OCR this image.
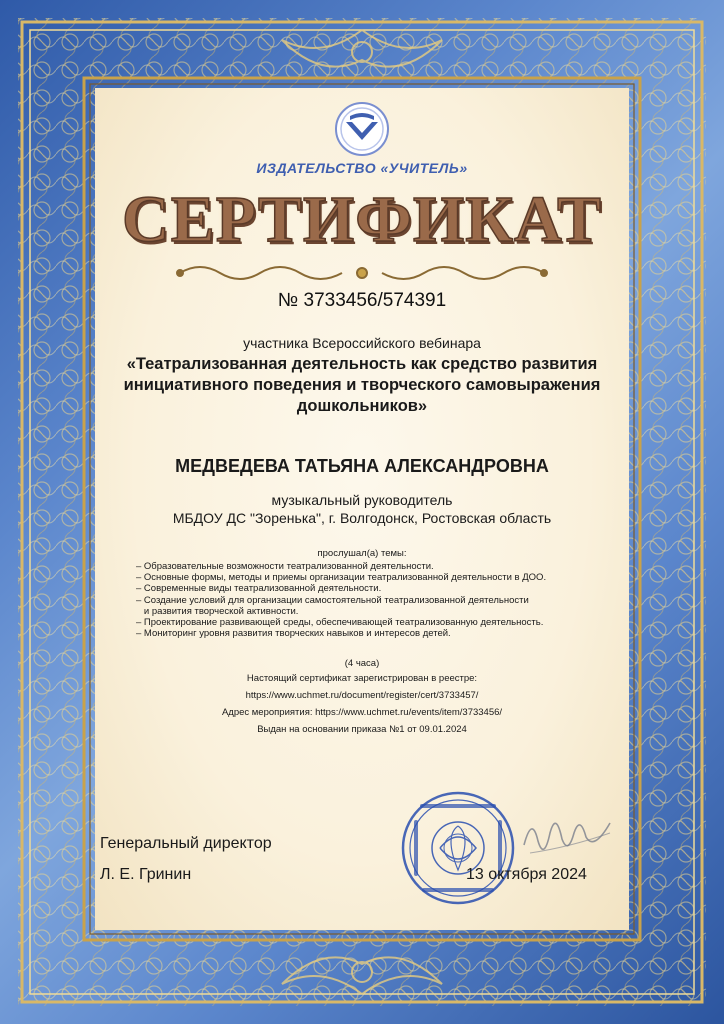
ИЗДАТЕЛЬСТВО «УЧИТЕЛЬ»
СЕРТИФИКАТ
№ 3733456/574391
участника Всероссийского вебинара
«Театрализованная деятельность как средство развития инициативного поведения и творческого самовыражения дошкольников»
МЕДВЕДЕВА ТАТЬЯНА АЛЕКСАНДРОВНА
музыкальный руководитель
МБДОУ ДС "Зоренька", г. Волгодонск, Ростовская область
прослушал(а) темы:
– Образовательные возможности театрализованной деятельности.
– Основные формы, методы и приемы организации театрализованной деятельности в ДОО.
– Современные виды театрализованной деятельности.
– Создание условий для организации самостоятельной театрализованной деятельности
и развития творческой активности.
– Проектирование развивающей среды, обеспечивающей театрализованную деятельность.
– Мониторинг уровня развития творческих навыков и интересов детей.
(4 часа)
Настоящий сертификат зарегистрирован в реестре:
https://www.uchmet.ru/document/register/cert/3733457/
Адрес мероприятия: https://www.uchmet.ru/events/item/3733456/
Выдан на основании приказа №1 от 09.01.2024
Генеральный директор
Л. Е. Гринин	13 октября 2024
